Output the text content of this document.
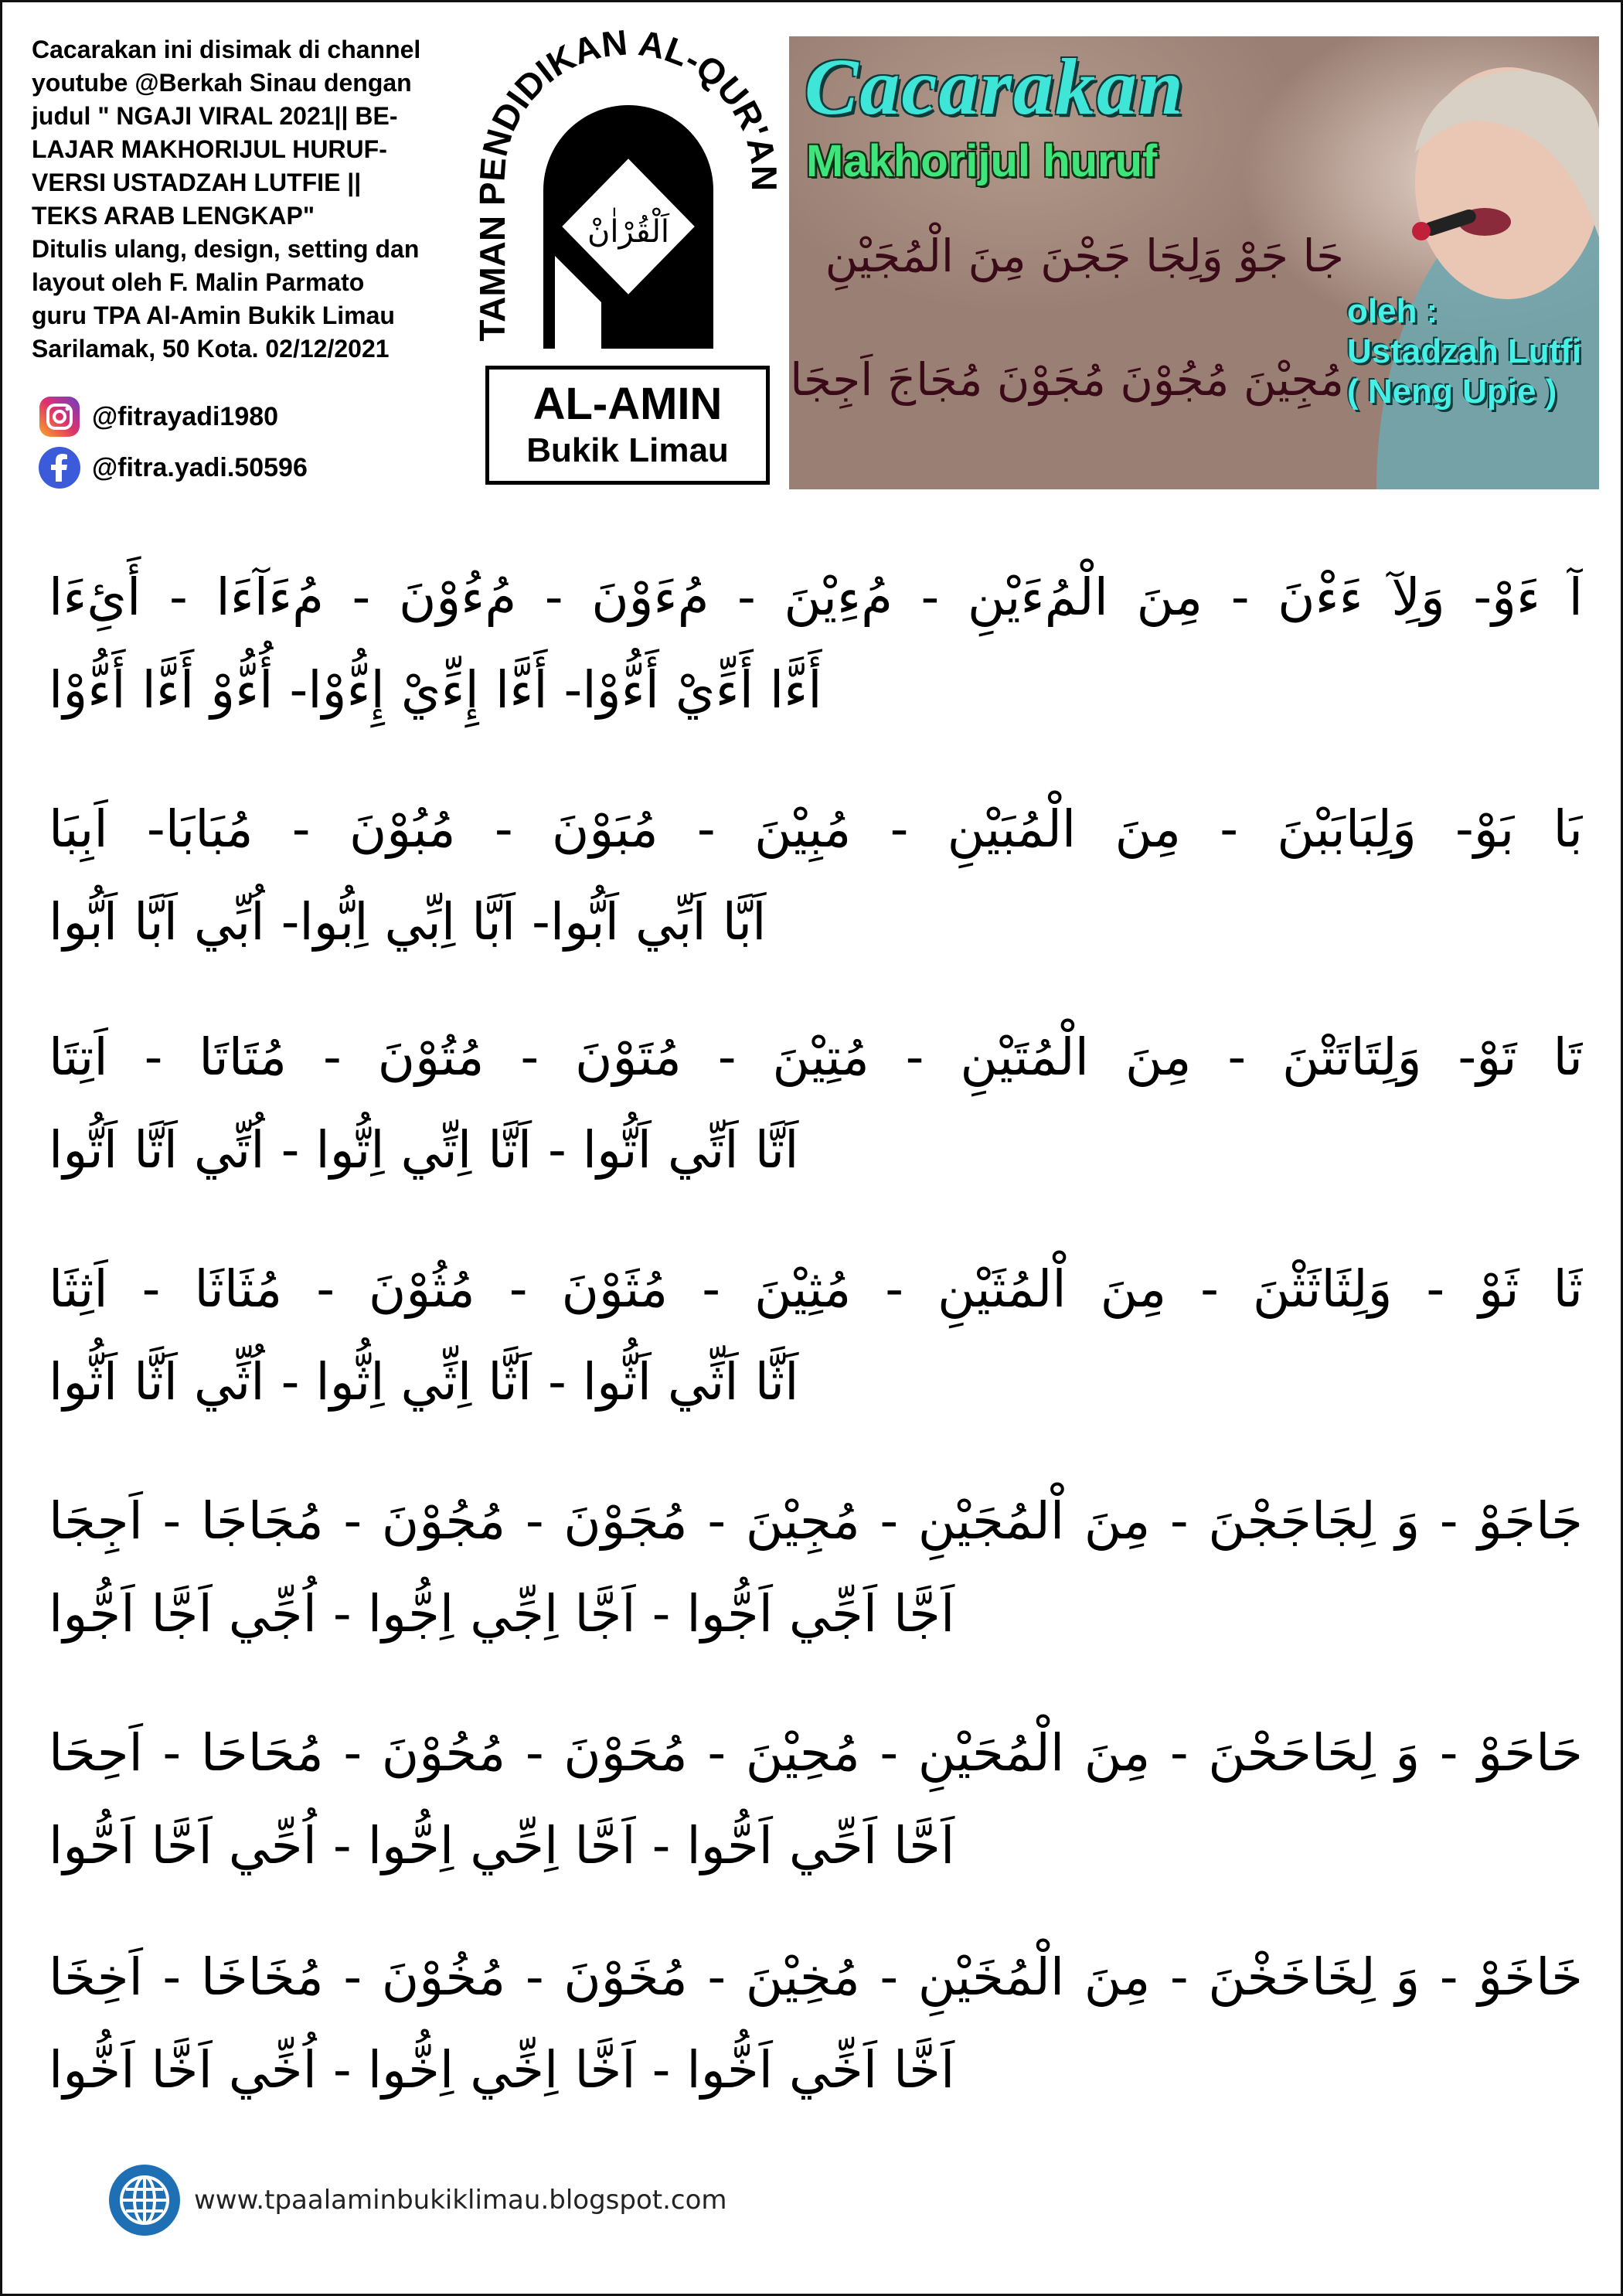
Cacarakan ini disimak di channel
youtube @Berkah Sinau dengan
judul " NGAJI VIRAL 2021|| BE-
LAJAR MAKHORIJUL HURUF-
VERSI USTADZAH LUTFIE ||
TEKS ARAB LENGKAP"
Ditulis ulang, design, setting dan
layout oleh F. Malin Parmato
guru TPA Al-Amin Bukik Limau
Sarilamak, 50 Kota. 02/12/2021
@fitrayadi1980
@fitra.yadi.50596
TAMAN PENDIDIKAN AL-QUR'AN
اَلْقُرْاٰنْ
AL-AMIN
Bukik Limau
Cacarakan
Makhorijul huruf
جَا جَوْ وَلِجَا جَجْنَ مِنَ الْمُجَيْنِ
مُجِيْنَ مُجُوْنَ مُجَوْنَ مُجَاجَ اَجِجَا
oleh :
Ustadzah Lutfi
( Neng Upie )
آ ءَوْ- وَلِآ ءَءْنَ - مِنَ الْمُءَيْنِ - مُءِيْنَ - مُءَوْنَ - مُءُوْنَ - مُءَآءَا - أَئِءَا
أَءَّا أَءِّيْ أَءُّوْا- أَءَّا إِءِّيْ إِءُّوْا- أُءُّوْ أَءَّا أَءُّوْا
بَا بَوْ- وَلِبَابَبْنَ - مِنَ الْمُبَيْنِ - مُبِيْنَ - مُبَوْنَ - مُبُوْنَ - مُبَابَا- اَبِبَا
اَبَّا اَبِّي اَبُّوا- اَبَّا اِبِّي اِبُّوا- اُبِّي اَبَّا اَبُّوا
تَا تَوْ- وَلِتَاتَتْنَ - مِنَ الْمُتَيْنِ - مُتِيْنَ - مُتَوْنَ - مُتُوْنَ - مُتَاتَا - اَتِتَا
اَتَّا اَتِّي اَتُّوا - اَتَّا اِتِّي اِتُّوا - اُتِّي اَتَّا اَتُّوا
ثَا ثَوْ - وَلِثَاثَثْنَ - مِنَ اْلمُثَيْنِ - مُثِيْنَ - مُثَوْنَ - مُثُوْنَ - مُثَاثَا - اَثِثَا
اَثَّا اَثِّي اَثُّوا - اَثَّا اِثِّي اِثُّوا - اُثِّي اَثَّا اَثُّوا
جَاجَوْ - وَ لِجَاجَجْنَ - مِنَ اْلمُجَيْنِ - مُجِيْنَ - مُجَوْنَ - مُجُوْنَ - مُجَاجَا - اَجِجَا
اَجَّا اَجِّي اَجُّوا - اَجَّا اِجِّي اِجُّوا - اُجِّي اَجَّا اَجُّوا
حَاحَوْ - وَ لِحَاحَحْنَ - مِنَ الْمُحَيْنِ - مُحِيْنَ - مُحَوْنَ - مُحُوْنَ - مُحَاحَا - اَحِحَا
اَحَّا اَحِّي اَحُّوا - اَحَّا اِحِّي اِحُّوا - اُحِّي اَحَّا اَحُّوا
خَاخَوْ - وَ لِخَاخَخْنَ - مِنَ الْمُخَيْنِ - مُخِيْنَ - مُخَوْنَ - مُخُوْنَ - مُخَاخَا - اَخِخَا
اَخَّا اَخِّي اَخُّوا - اَخَّا اِخِّي اِخُّوا - اُخِّي اَخَّا اَخُّوا
www.tpaalaminbukiklimau.blogspot.com
